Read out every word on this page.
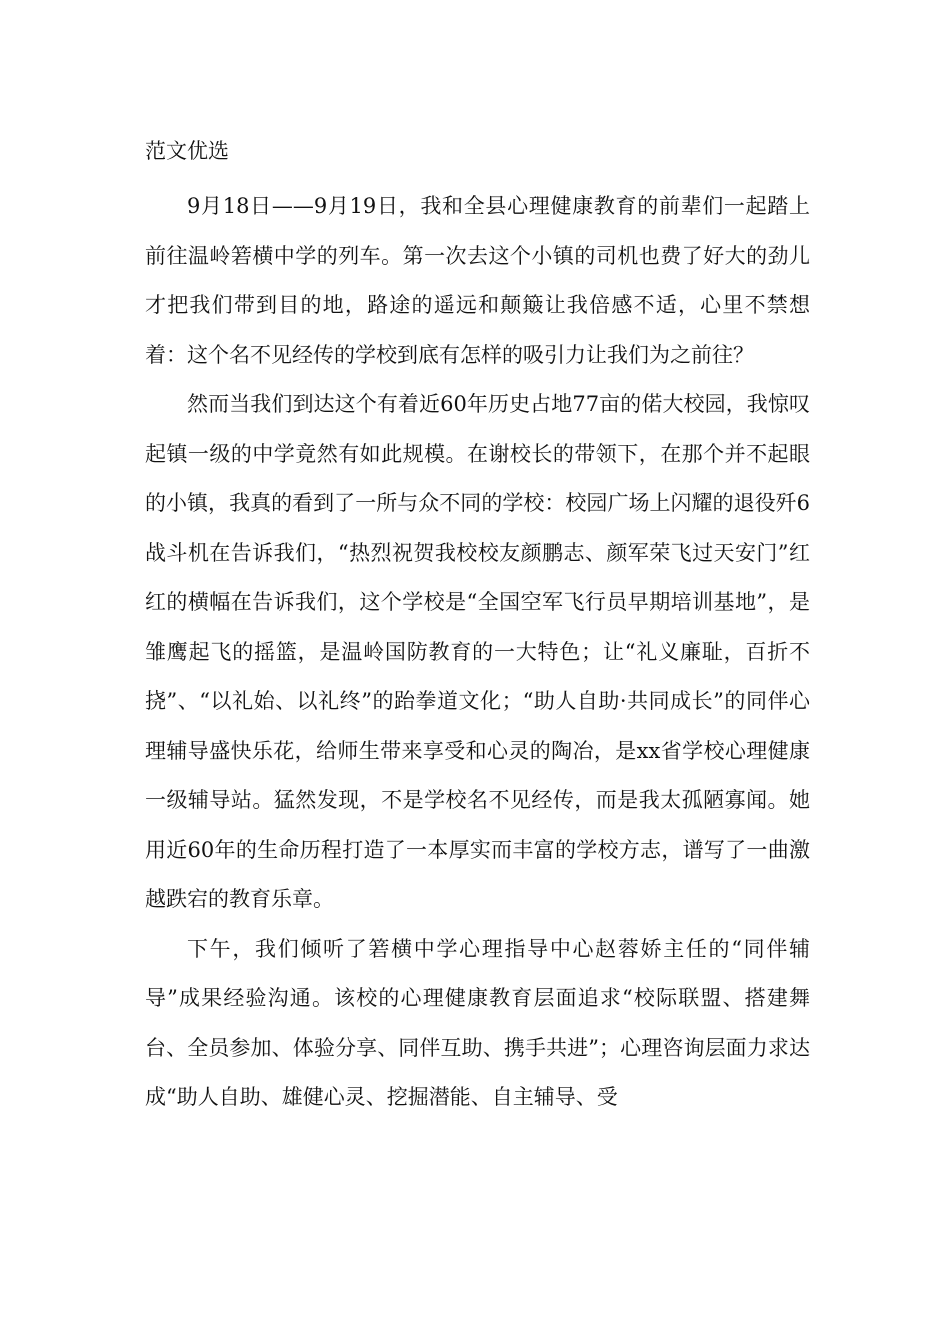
范文优选

9月18日——9月19日，我和全县心理健康教育的前辈们一起踏上前往温岭箬横中学的列车。第一次去这个小镇的司机也费了好大的劲儿才把我们带到目的地，路途的遥远和颠簸让我倍感不适，心里不禁想着：这个名不见经传的学校到底有怎样的吸引力让我们为之前往？

然而当我们到达这个有着近60年历史占地77亩的偌大校园，我惊叹起镇一级的中学竟然有如此规模。在谢校长的带领下，在那个并不起眼的小镇，我真的看到了一所与众不同的学校：校园广场上闪耀的退役歼6战斗机在告诉我们，“热烈祝贺我校校友颜鹏志、颜军荣飞过天安门”红红的横幅在告诉我们，这个学校是“全国空军飞行员早期培训基地”，是雏鹰起飞的摇篮，是温岭国防教育的一大特色；让“礼义廉耻，百折不挠”、“以礼始、以礼终”的跆拳道文化；“助人自助·共同成长”的同伴心理辅导盛快乐花，给师生带来享受和心灵的陶冶，是xx省学校心理健康一级辅导站。猛然发现，不是学校名不见经传，而是我太孤陋寡闻。她用近60年的生命历程打造了一本厚实而丰富的学校方志，谱写了一曲激越跌宕的教育乐章。

下午，我们倾听了箬横中学心理指导中心赵蓉娇主任的“同伴辅导”成果经验沟通。该校的心理健康教育层面追求“校际联盟、搭建舞台、全员参加、体验分享、同伴互助、携手共进”；心理咨询层面力求达成“助人自助、雄健心灵、挖掘潜能、自主辅导、受
